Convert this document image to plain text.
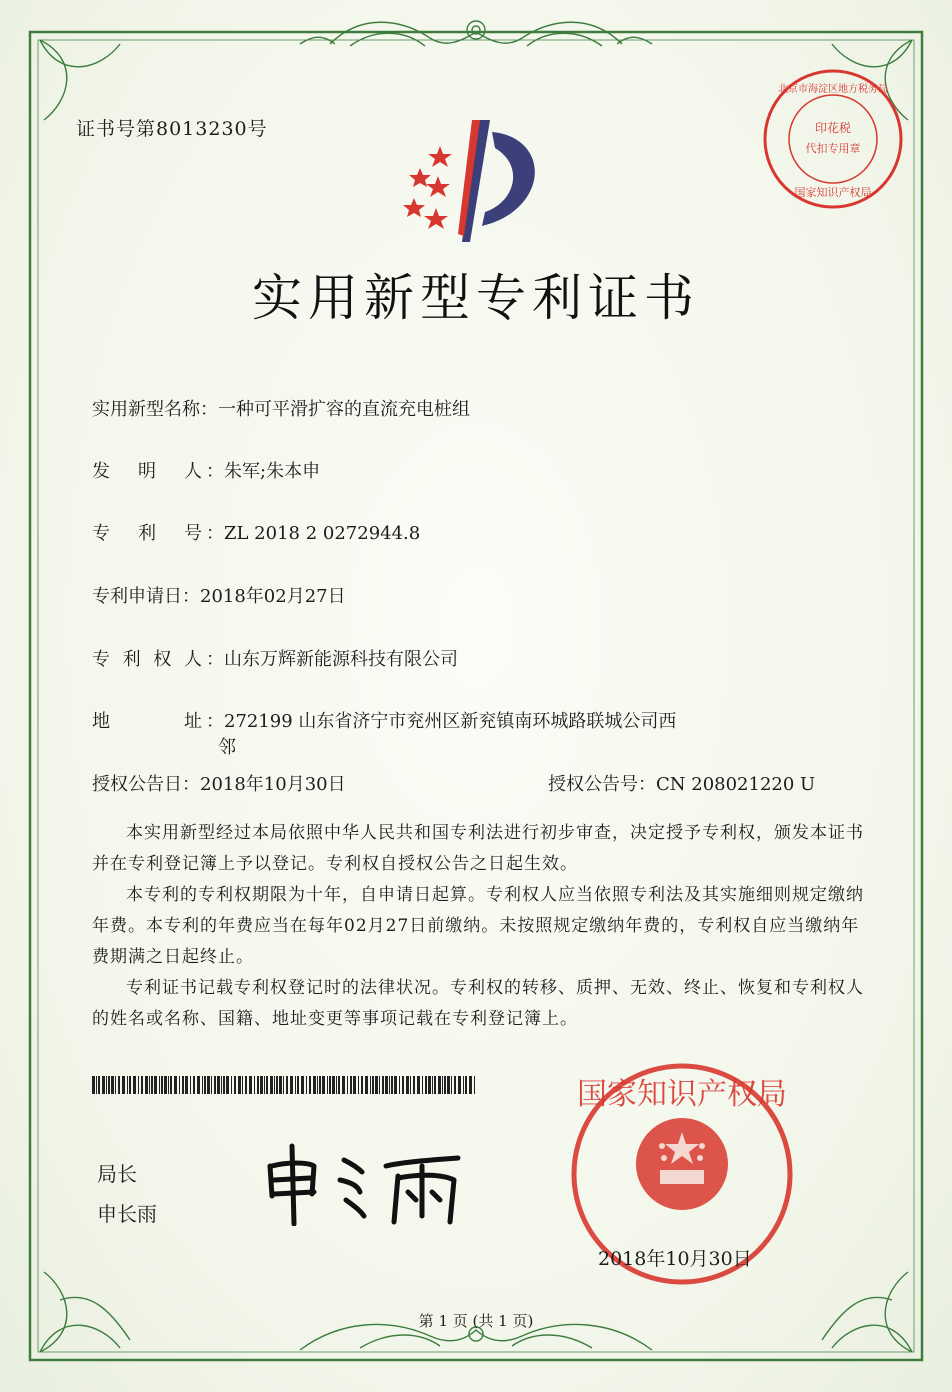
证书号第8013230号	印花税
代扣专用章
北京市海淀区地方税务局
国家知识产权局
实用新型专利证书
实用新型名称：一种可平滑扩容的直流充电桩组
发 明 人 ：朱军;朱本申
专 利 号 ：ZL 2018 2 0272944.8
专利申请日：2018年02月27日
专 利 权 人 ：山东万辉新能源科技有限公司
地	址 ：272199 山东省济宁市兖州区新兖镇南环城路联城公司西
邻
授权公告日：2018年10月30日	授权公告号：CN 208021220 U
本实用新型经过本局依照中华人民共和国专利法进行初步审查，决定授予专利权，颁发本证书并在专利登记簿上予以登记。专利权自授权公告之日起生效。
本专利的专利权期限为十年，自申请日起算。专利权人应当依照专利法及其实施细则规定缴纳年费。本专利的年费应当在每年02月27日前缴纳。未按照规定缴纳年费的，专利权自应当缴纳年费期满之日起终止。
专利证书记载专利权登记时的法律状况。专利权的转移、质押、无效、终止、恢复和专利权人的姓名或名称、国籍、地址变更等事项记载在专利登记簿上。
局长
申长雨
国家知识产权局
2018年10月30日
第 1 页 (共 1 页)
